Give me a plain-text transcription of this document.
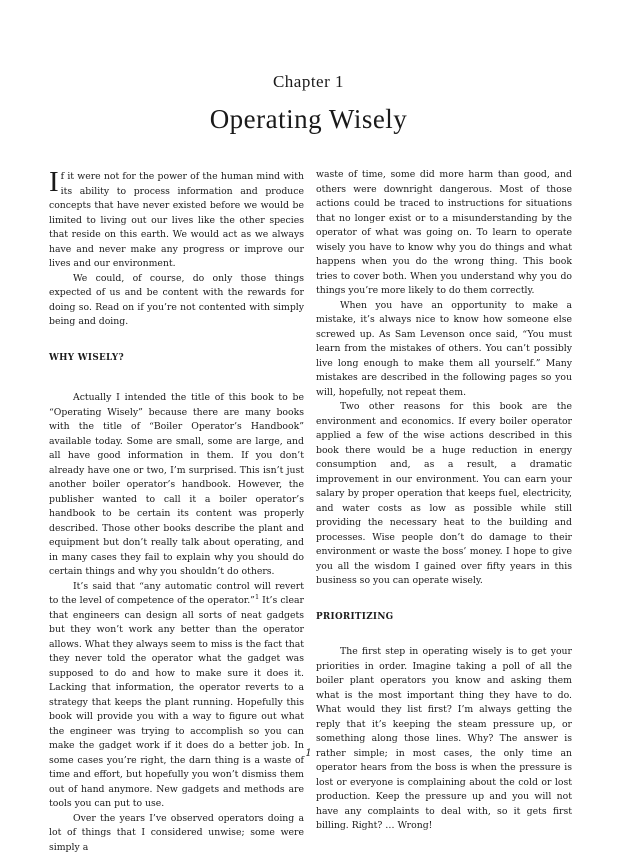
Chapter 1
Operating Wisely

If it were not for the power of the human mind with its ability to process information and produce concepts that have never existed before we would be limited to living out our lives like the other species that reside on this earth. We would act as we always have and never make any progress or improve our lives and our environment.

We could, of course, do only those things expected of us and be content with the rewards for doing so. Read on if you’re not contented with simply being and doing.

WHY WISELY?

Actually I intended the title of this book to be “Operating Wisely” because there are many books with the title of “Boiler Operator’s Handbook” available today. Some are small, some are large, and all have good information in them. If you don’t already have one or two, I’m surprised. This isn’t just another boiler operator’s handbook. However, the publisher wanted to call it a boiler operator’s handbook to be certain its content was properly described. Those other books describe the plant and equipment but don’t really talk about operating, and in many cases they fail to explain why you should do certain things and why you shouldn’t do others.

It’s said that “any automatic control will revert to the level of competence of the operator.”$^1$ It’s clear that engineers can design all sorts of neat gadgets but they won’t work any better than the operator allows. What they always seem to miss is the fact that they never told the operator what the gadget was supposed to do and how to make sure it does it. Lacking that information, the operator reverts to a strategy that keeps the plant running. Hopefully this book will provide you with a way to figure out what the engineer was trying to accomplish so you can make the gadget work if it does do a better job. In some cases you’re right, the darn thing is a waste of time and effort, but hopefully you won’t dismiss them out of hand anymore. New gadgets and methods are tools you can put to use.

Over the years I’ve observed operators doing a lot of things that I considered unwise; some were simply a

waste of time, some did more harm than good, and others were downright dangerous. Most of those actions could be traced to instructions for situations that no longer exist or to a misunderstanding by the operator of what was going on. To learn to operate wisely you have to know why you do things and what happens when you do the wrong thing. This book tries to cover both. When you understand why you do things you’re more likely to do them correctly.

When you have an opportunity to make a mistake, it’s always nice to know how someone else screwed up. As Sam Levenson once said, “You must learn from the mistakes of others. You can’t possibly live long enough to make them all yourself.” Many mistakes are described in the following pages so you will, hopefully, not repeat them.

Two other reasons for this book are the environment and economics. If every boiler operator applied a few of the wise actions described in this book there would be a huge reduction in energy consumption and, as a result, a dramatic improvement in our environment. You can earn your salary by proper operation that keeps fuel, electricity, and water costs as low as possible while still providing the necessary heat to the building and processes. Wise people don’t do damage to their environment or waste the boss’ money. I hope to give you all the wisdom I gained over fifty years in this business so you can operate wisely.

PRIORITIZING

The first step in operating wisely is to get your priorities in order. Imagine taking a poll of all the boiler plant operators you know and asking them what is the most important thing they have to do. What would they list first? I’m always getting the reply that it’s keeping the steam pressure up, or something along those lines. Why? The answer is rather simple; in most cases, the only time an operator hears from the boss is when the pressure is lost or everyone is complaining about the cold or lost production. Keep the pressure up and you will not have any complaints to deal with, so it gets first billing. Right? … Wrong!

1
